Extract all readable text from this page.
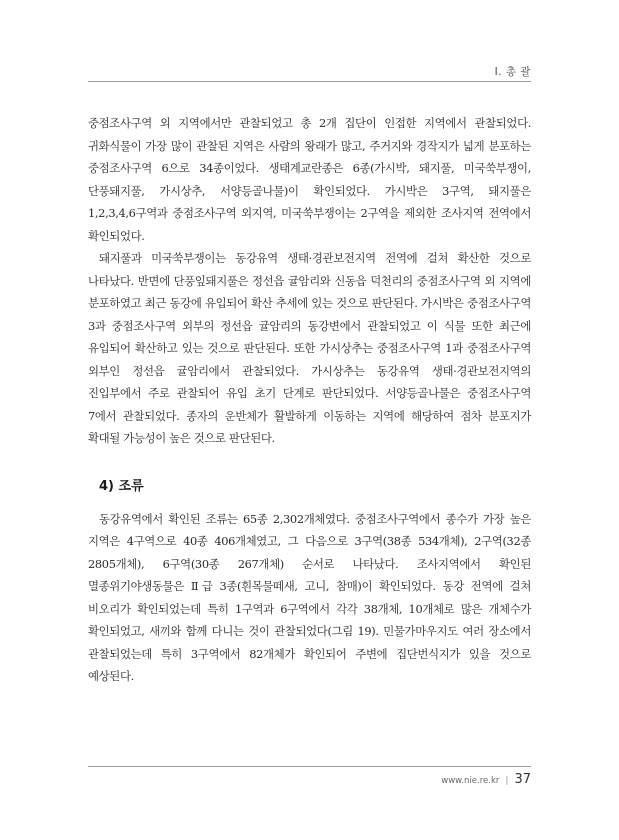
I. 총 괄

중점조사구역 외 지역에서만 관찰되었고 총 2개 집단이 인접한 지역에서 관찰되었다. 귀화식물이 가장 많이 관찰된 지역은 사람의 왕래가 많고, 주거지와 경작지가 넓게 분포하는 중점조사구역 6으로 34종이었다. 생태계교란종은 6종(가시박, 돼지풀, 미국쑥부쟁이, 단풍돼지풀, 가시상추, 서양등골나물)이 확인되었다. 가시박은 3구역, 돼지풀은 1,2,3,4,6구역과 중점조사구역 외지역, 미국쑥부쟁이는 2구역을 제외한 조사지역 전역에서 확인되었다.

돼지풀과 미국쑥부쟁이는 동강유역 생태·경관보전지역 전역에 걸쳐 확산한 것으로 나타났다. 반면에 단풍잎돼지풀은 정선읍 귤암리와 신동읍 덕천리의 중점조사구역 외 지역에 분포하였고 최근 동강에 유입되어 확산 추세에 있는 것으로 판단된다. 가시박은 중점조사구역 3과 중점조사구역 외부의 정선읍 귤암리의 동강변에서 관찰되었고 이 식물 또한 최근에 유입되어 확산하고 있는 것으로 판단된다. 또한 가시상추는 중점조사구역 1과 중점조사구역 외부인 정선읍 귤암리에서 관찰되었다. 가시상추는 동강유역 생태·경관보전지역의 진입부에서 주로 관찰되어 유입 초기 단계로 판단되었다. 서양등골나물은 중점조사구역 7에서 관찰되었다. 종자의 운반체가 활발하게 이동하는 지역에 해당하여 점차 분포지가 확대될 가능성이 높은 것으로 판단된다.

4) 조류

동강유역에서 확인된 조류는 65종 2,302개체였다. 중점조사구역에서 종수가 가장 높은 지역은 4구역으로 40종 406개체였고, 그 다음으로 3구역(38종 534개체), 2구역(32종 2805개체), 6구역(30종 267개체) 순서로 나타났다. 조사지역에서 확인된 멸종위기야생동물은 Ⅱ급 3종(흰목물떼새, 고니, 참매)이 확인되었다. 동강 전역에 걸쳐 비오리가 확인되었는데 특히 1구역과 6구역에서 각각 38개체, 10개체로 많은 개체수가 확인되었고, 새끼와 함께 다니는 것이 관찰되었다(그림 19). 민물가마우지도 여러 장소에서 관찰되었는데 특히 3구역에서 82개체가 확인되어 주변에 집단번식지가 있을 것으로 예상된다.

www.nie.re.kr | 37
